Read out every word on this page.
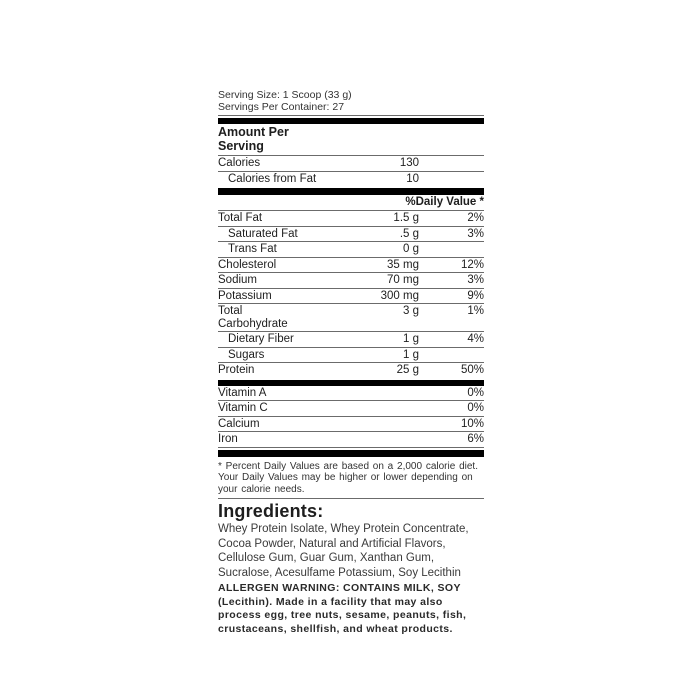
Serving Size: 1 Scoop (33 g)
Servings Per Container: 27
Amount Per Serving
Calories	130
Calories from Fat	10
%Daily Value *
Total Fat	1.5 g	2%
Saturated Fat	.5 g	3%
Trans Fat	0 g
Cholesterol	35 mg	12%
Sodium	70 mg	3%
Potassium	300 mg	9%
Total Carbohydrate
3 g	1%
Dietary Fiber	1 g	4%
Sugars	1 g
Protein	25 g	50%
Vitamin A	0%
Vitamin C	0%
Calcium	10%
Iron	6%
* Percent Daily Values are based on a 2,000 calorie diet. Your Daily Values may be higher or lower depending on your calorie needs.
Ingredients:
Whey Protein Isolate, Whey Protein Concentrate, Cocoa Powder, Natural and Artificial Flavors, Cellulose Gum, Guar Gum, Xanthan Gum, Sucralose, Acesulfame Potassium, Soy Lecithin
ALLERGEN WARNING: CONTAINS MILK, SOY (Lecithin). Made in a facility that may also process egg, tree nuts, sesame, peanuts, fish, crustaceans, shellfish, and wheat products.
